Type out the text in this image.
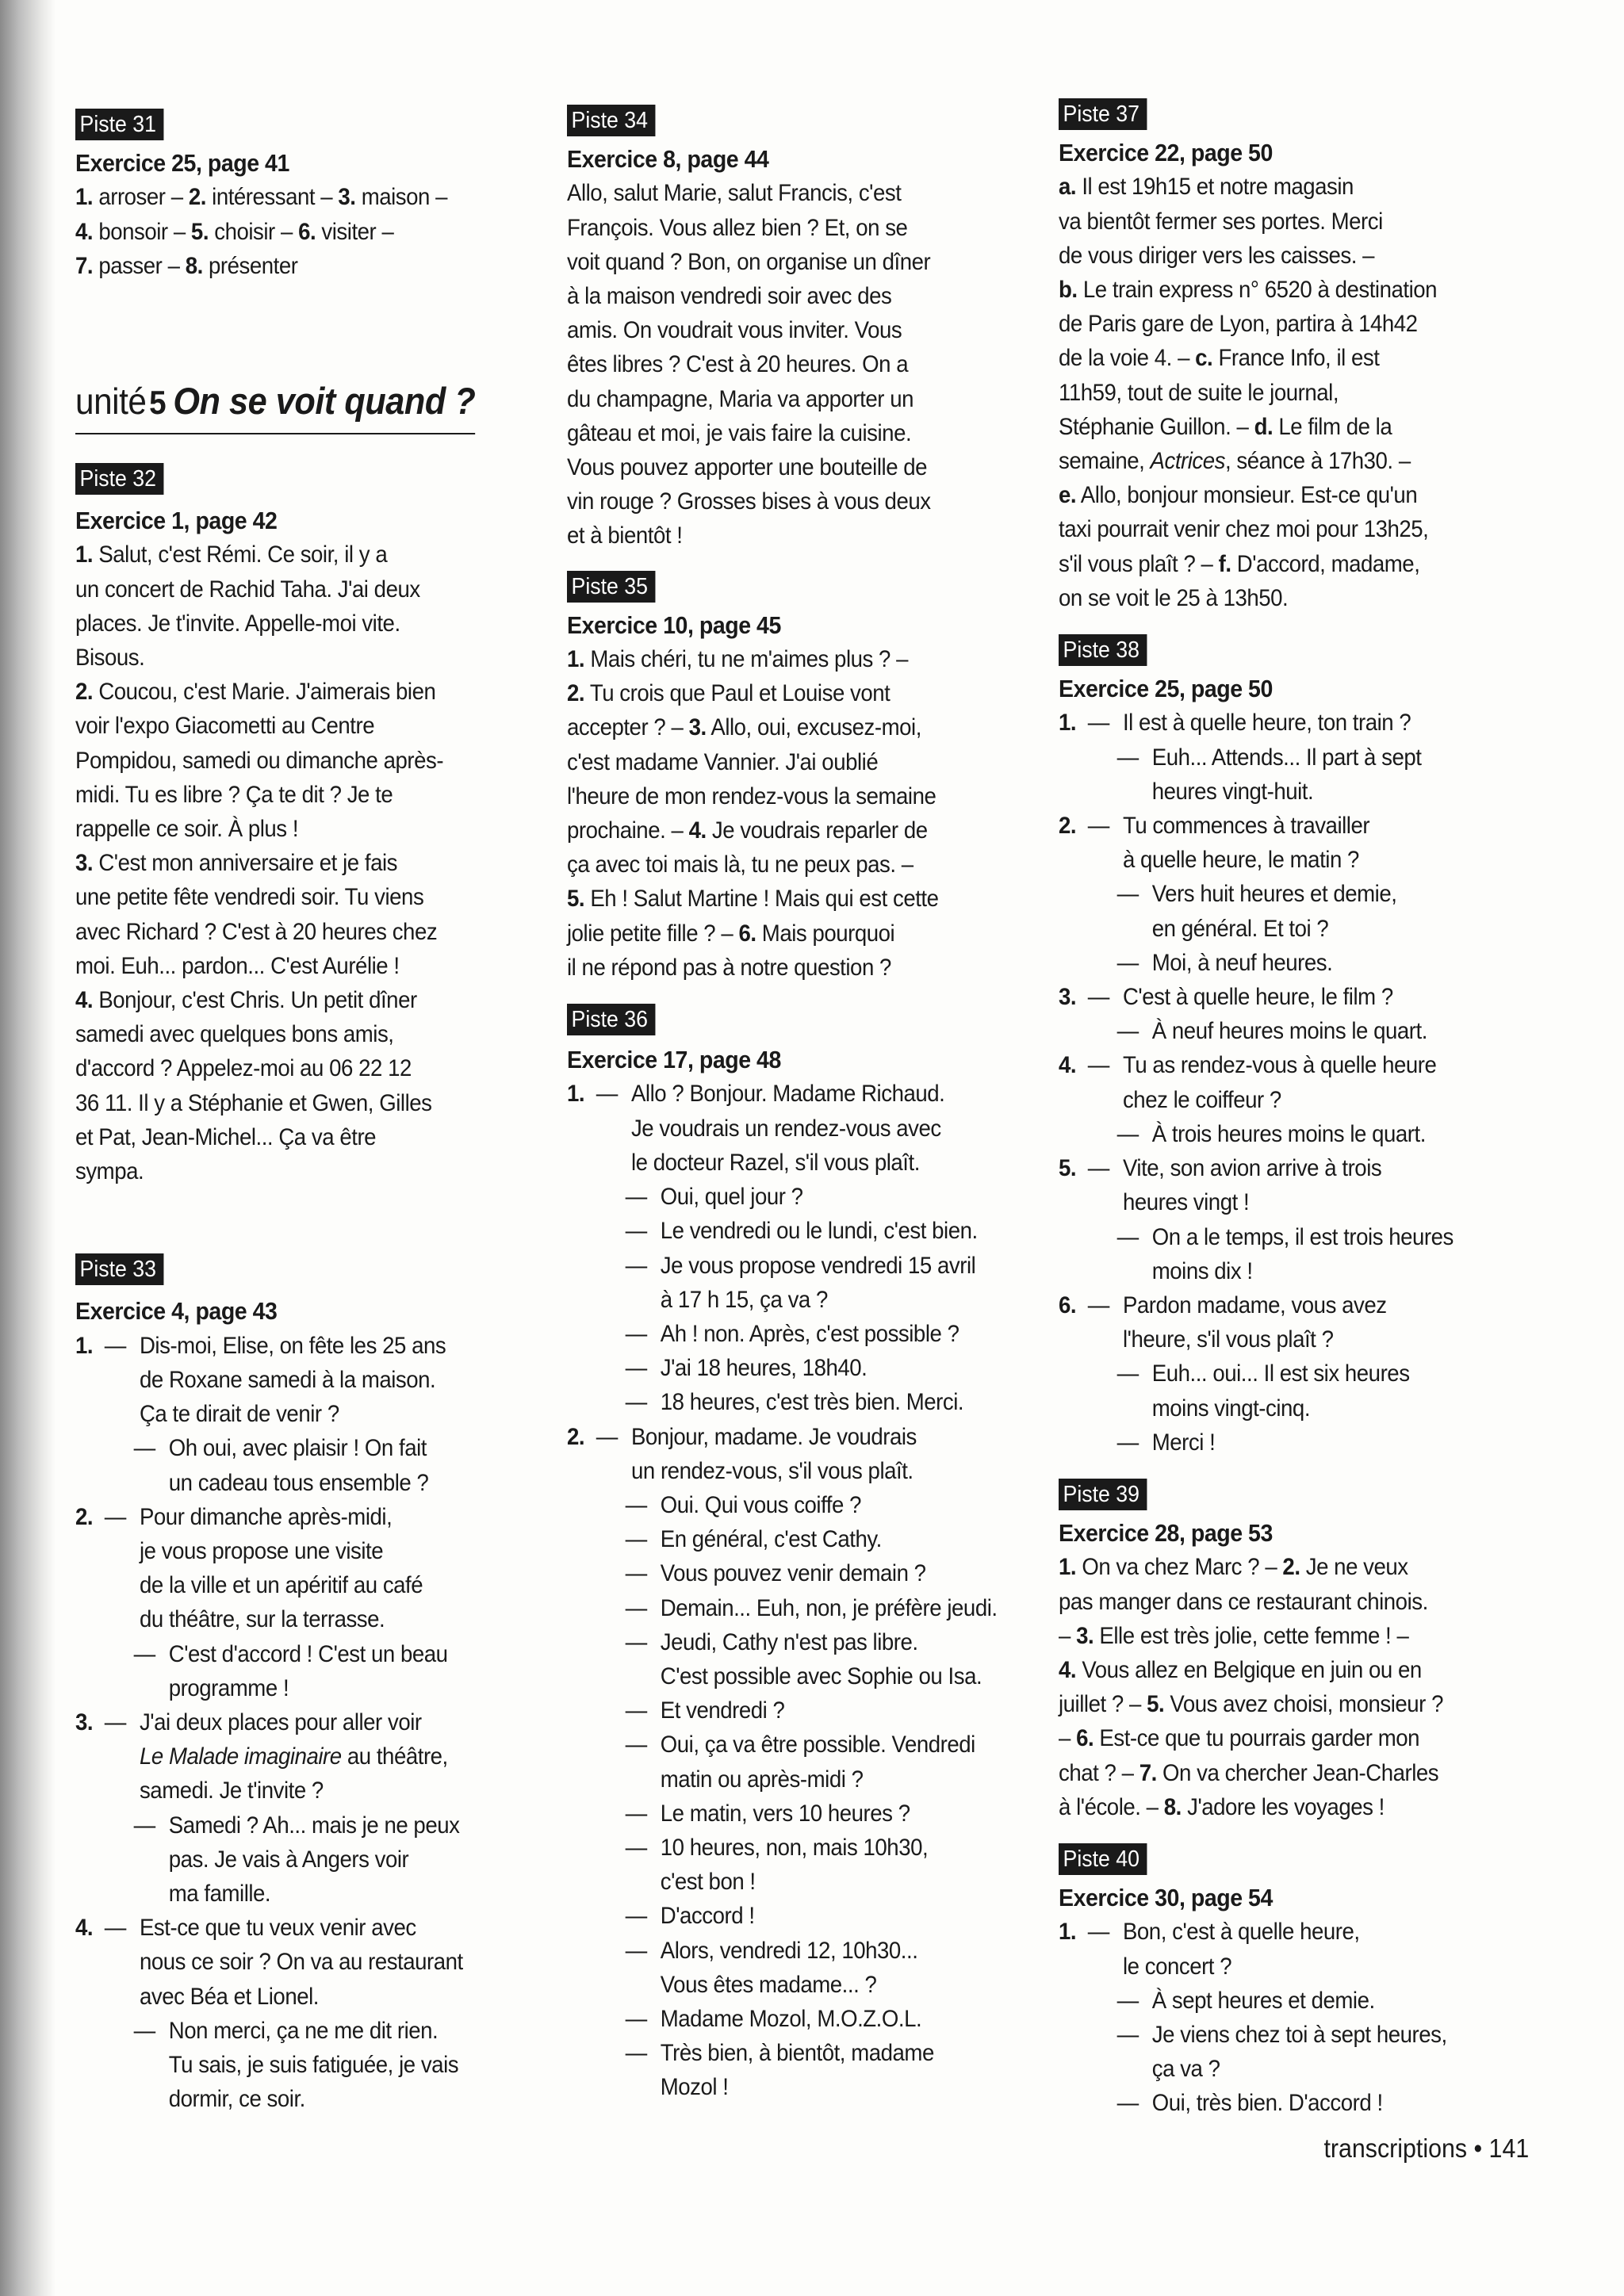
Piste 31
Exercice 25, page 41

1. arroser – 2. intéressant – 3. maison –

4. bonsoir – 5. choisir – 6. visiter –

7. passer – 8. présenter

unité5 On se voit quand ? Piste 32
Exercice 1, page 42

1. Salut, c'est Rémi. Ce soir, il y a

un concert de Rachid Taha. J'ai deux

places. Je t'invite. Appelle-moi vite.

Bisous.

2. Coucou, c'est Marie. J'aimerais bien

voir l'expo Giacometti au Centre

Pompidou, samedi ou dimanche après-

midi. Tu es libre ? Ça te dit ? Je te

rappelle ce soir. À plus !

3. C'est mon anniversaire et je fais

une petite fête vendredi soir. Tu viens

avec Richard ? C'est à 20 heures chez

moi. Euh... pardon... C'est Aurélie !

4. Bonjour, c'est Chris. Un petit dîner

samedi avec quelques bons amis,

d'accord ? Appelez-moi au 06 22 12

36 11. Il y a Stéphanie et Gwen, Gilles

et Pat, Jean-Michel... Ça va être

sympa.

Piste 33
Exercice 4, page 43
1. — Dis-moi, Elise, on fête les 25 ans
de Roxane samedi à la maison.
Ça te dirait de venir ?
— Oh oui, avec plaisir ! On fait
un cadeau tous ensemble ?
2. — Pour dimanche après-midi,
je vous propose une visite
de la ville et un apéritif au café
du théâtre, sur la terrasse.
— C'est d'accord ! C'est un beau
programme !
3. — J'ai deux places pour aller voir
Le Malade imaginaire au théâtre,
samedi. Je t'invite ?
— Samedi ? Ah... mais je ne peux
pas. Je vais à Angers voir
ma famille.
4. — Est-ce que tu veux venir avec
nous ce soir ? On va au restaurant
avec Béa et Lionel.
— Non merci, ça ne me dit rien.
Tu sais, je suis fatiguée, je vais
dormir, ce soir.
Piste 34
Exercice 8, page 44

Allo, salut Marie, salut Francis, c'est

François. Vous allez bien ? Et, on se

voit quand ? Bon, on organise un dîner

à la maison vendredi soir avec des

amis. On voudrait vous inviter. Vous

êtes libres ? C'est à 20 heures. On a

du champagne, Maria va apporter un

gâteau et moi, je vais faire la cuisine.

Vous pouvez apporter une bouteille de

vin rouge ? Grosses bises à vous deux

et à bientôt !

Piste 35
Exercice 10, page 45

1. Mais chéri, tu ne m'aimes plus ? –

2. Tu crois que Paul et Louise vont

accepter ? – 3. Allo, oui, excusez-moi,

c'est madame Vannier. J'ai oublié

l'heure de mon rendez-vous la semaine

prochaine. – 4. Je voudrais reparler de

ça avec toi mais là, tu ne peux pas. –

5. Eh ! Salut Martine ! Mais qui est cette

jolie petite fille ? – 6. Mais pourquoi

il ne répond pas à notre question ?

Piste 36
Exercice 17, page 48
1. — Allo ? Bonjour. Madame Richaud.
Je voudrais un rendez-vous avec
le docteur Razel, s'il vous plaît.
— Oui, quel jour ?
— Le vendredi ou le lundi, c'est bien.
— Je vous propose vendredi 15 avril
à 17 h 15, ça va ?
— Ah ! non. Après, c'est possible ?
— J'ai 18 heures, 18h40.
— 18 heures, c'est très bien. Merci.
2. — Bonjour, madame. Je voudrais
un rendez-vous, s'il vous plaît.
— Oui. Qui vous coiffe ?
— En général, c'est Cathy.
— Vous pouvez venir demain ?
— Demain... Euh, non, je préfère jeudi.
— Jeudi, Cathy n'est pas libre.
C'est possible avec Sophie ou Isa.
— Et vendredi ?
— Oui, ça va être possible. Vendredi
matin ou après-midi ?
— Le matin, vers 10 heures ?
— 10 heures, non, mais 10h30,
c'est bon !
— D'accord !
— Alors, vendredi 12, 10h30...
Vous êtes madame... ?
— Madame Mozol, M.O.Z.O.L.
— Très bien, à bientôt, madame
Mozol !
Piste 37
Exercice 22, page 50

a. Il est 19h15 et notre magasin

va bientôt fermer ses portes. Merci

de vous diriger vers les caisses. –

b. Le train express n° 6520 à destination

de Paris gare de Lyon, partira à 14h42

de la voie 4. – c. France Info, il est

11h59, tout de suite le journal,

Stéphanie Guillon. – d. Le film de la

semaine, Actrices, séance à 17h30. –

e. Allo, bonjour monsieur. Est-ce qu'un

taxi pourrait venir chez moi pour 13h25,

s'il vous plaît ? – f. D'accord, madame,

on se voit le 25 à 13h50.

Piste 38
Exercice 25, page 50
1. — Il est à quelle heure, ton train ?
— Euh... Attends... Il part à sept
heures vingt-huit.
2. — Tu commences à travailler
à quelle heure, le matin ?
— Vers huit heures et demie,
en général. Et toi ?
— Moi, à neuf heures.
3. — C'est à quelle heure, le film ?
— À neuf heures moins le quart.
4. — Tu as rendez-vous à quelle heure
chez le coiffeur ?
— À trois heures moins le quart.
5. — Vite, son avion arrive à trois
heures vingt !
— On a le temps, il est trois heures
moins dix !
6. — Pardon madame, vous avez
l'heure, s'il vous plaît ?
— Euh... oui... Il est six heures
moins vingt-cinq.
— Merci !
Piste 39
Exercice 28, page 53

1. On va chez Marc ? – 2. Je ne veux

pas manger dans ce restaurant chinois.

– 3. Elle est très jolie, cette femme ! –

4. Vous allez en Belgique en juin ou en

juillet ? – 5. Vous avez choisi, monsieur ?

– 6. Est-ce que tu pourrais garder mon

chat ? – 7. On va chercher Jean-Charles

à l'école. – 8. J'adore les voyages !

Piste 40
Exercice 30, page 54
1. — Bon, c'est à quelle heure,
le concert ?
— À sept heures et demie.
— Je viens chez toi à sept heures,
ça va ?
— Oui, très bien. D'accord !
transcriptions • 141
